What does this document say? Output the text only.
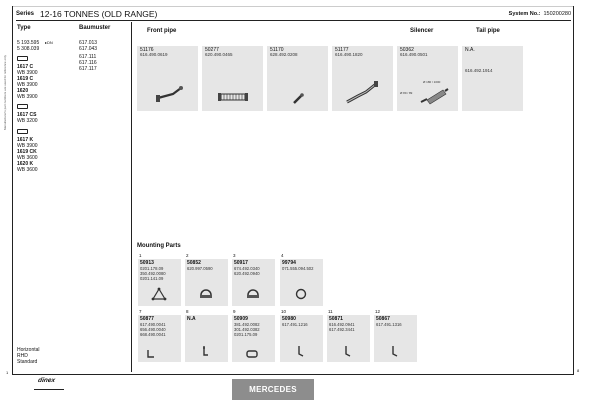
Manufacturer's part numbers are used for reference only
Series 12-16 TONNES (OLD RANGE)	System No.: 150200280
Type	Baumuster
5 193.595 ▸DN
5 308.039
617.013
617.043
617.111
617.116
617.117
1617 C
WB 3900
1619 C
WB 3900
1620
WB 3900
1617 CS
WB 3200
1617 K
WB 3900
1619 CK
WB 3600
1620 K
WB 3600
Horizontal
RHD
Standard
Front pipe	Silencer	Tail pipe
51176
616.490.0619
50277
620.490.0465
51170
628.492.0208
51177
616.490.1820
50362
616.490.0501
Ø 180 / 1000
Ø 89 / 89
N.A.
616.492.1914
Mounting Parts
1
50913
0201.178.09
350.492.0080
0201.141.09
2
50852
620.997.0590
3
50917
674.492.0340
620.492.0940
4
99794
071.555.094.502
7
50877
617.490.0041
656.490.0040
668.490.0041
8
N.A
9
50909
381.492.0082
301.492.0382
0201.175.09
10
50980
617.491.1216
11
50871
616.492.0941
617.492.3441
12
50867
617.491.1316
dinex
MERCEDES
1	8
